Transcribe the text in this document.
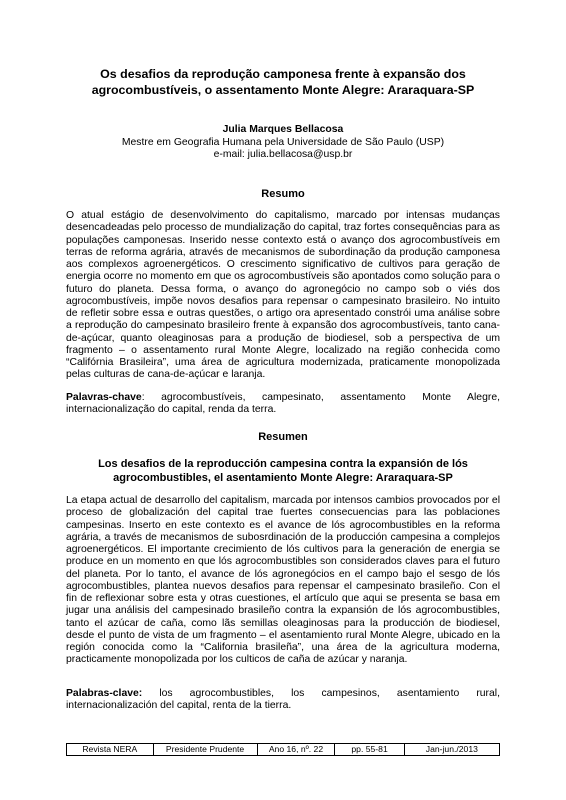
Os desafios da reprodução camponesa frente à expansão dos agrocombustíveis, o assentamento Monte Alegre: Araraquara-SP
Julia Marques Bellacosa
Mestre em Geografia Humana pela Universidade de São Paulo (USP)
e-mail: julia.bellacosa@usp.br
Resumo

O atual estágio de desenvolvimento do capitalismo, marcado por intensas mudanças desencadeadas pelo processo de mundialização do capital, traz fortes consequências para as populações camponesas. Inserido nesse contexto está o avanço dos agrocombustíveis em terras de reforma agrária, através de mecanismos de subordinação da produção camponesa aos complexos agroenergéticos. O crescimento significativo de cultivos para geração de energia ocorre no momento em que os agrocombustíveis são apontados como solução para o futuro do planeta. Dessa forma, o avanço do agronegócio no campo sob o viés dos agrocombustíveis, impõe novos desafios para repensar o campesinato brasileiro. No intuito de refletir sobre essa e outras questões, o artigo ora apresentado constrói uma análise sobre a reprodução do campesinato brasileiro frente à expansão dos agrocombustíveis, tanto cana-de-açúcar, quanto oleaginosas para a produção de biodiesel, sob a perspectiva de um fragmento – o assentamento rural Monte Alegre, localizado na região conhecida como “Califórnia Brasileira”, uma área de agricultura modernizada, praticamente monopolizada pelas culturas de cana-de-açúcar e laranja.

Palavras-chave: agrocombustíveis, campesinato, assentamento Monte Alegre, internacionalização do capital, renda da terra.

Resumen
Los desafios de la reproducción campesina contra la expansión de lós agrocombustibles, el asentamiento Monte Alegre: Araraquara-SP

La etapa actual de desarrollo del capitalism, marcada por intensos cambios provocados por el proceso de globalización del capital trae fuertes consecuencias para las poblaciones campesinas. Inserto en este contexto es el avance de lós agrocombustibles en la reforma agrária, a través de mecanismos de subosrdinación de la producción campesina a complejos agroenergéticos. El importante crecimiento de lós cultivos para la generación de energia se produce en un momento en que lós agrocombustibles son considerados claves para el futuro del planeta. Por lo tanto, el avance de lós agronegócios en el campo bajo el sesgo de lós agrocombustibles, plantea nuevos desafios para repensar el campesinato brasileño. Con el fin de reflexionar sobre esta y otras cuestiones, el artículo que aqui se presenta se basa em jugar una análisis del campesinado brasileño contra la expansión de lós agrocombustibles, tanto el azúcar de caña, como lãs semillas oleaginosas para la producción de biodiesel, desde el punto de vista de um fragmento – el asentamiento rural Monte Alegre, ubicado en la región conocida como la “California brasileña”, una área de la agricultura moderna, practicamente monopolizada por los culticos de caña de azúcar y naranja.

Palabras-clave: los agrocombustibles, los campesinos, asentamiento rural, internacionalización del capital, renta de la tierra.

Revista NERA	Presidente Prudente	Ano 16, nº. 22	pp. 55-81	Jan-jun./2013
